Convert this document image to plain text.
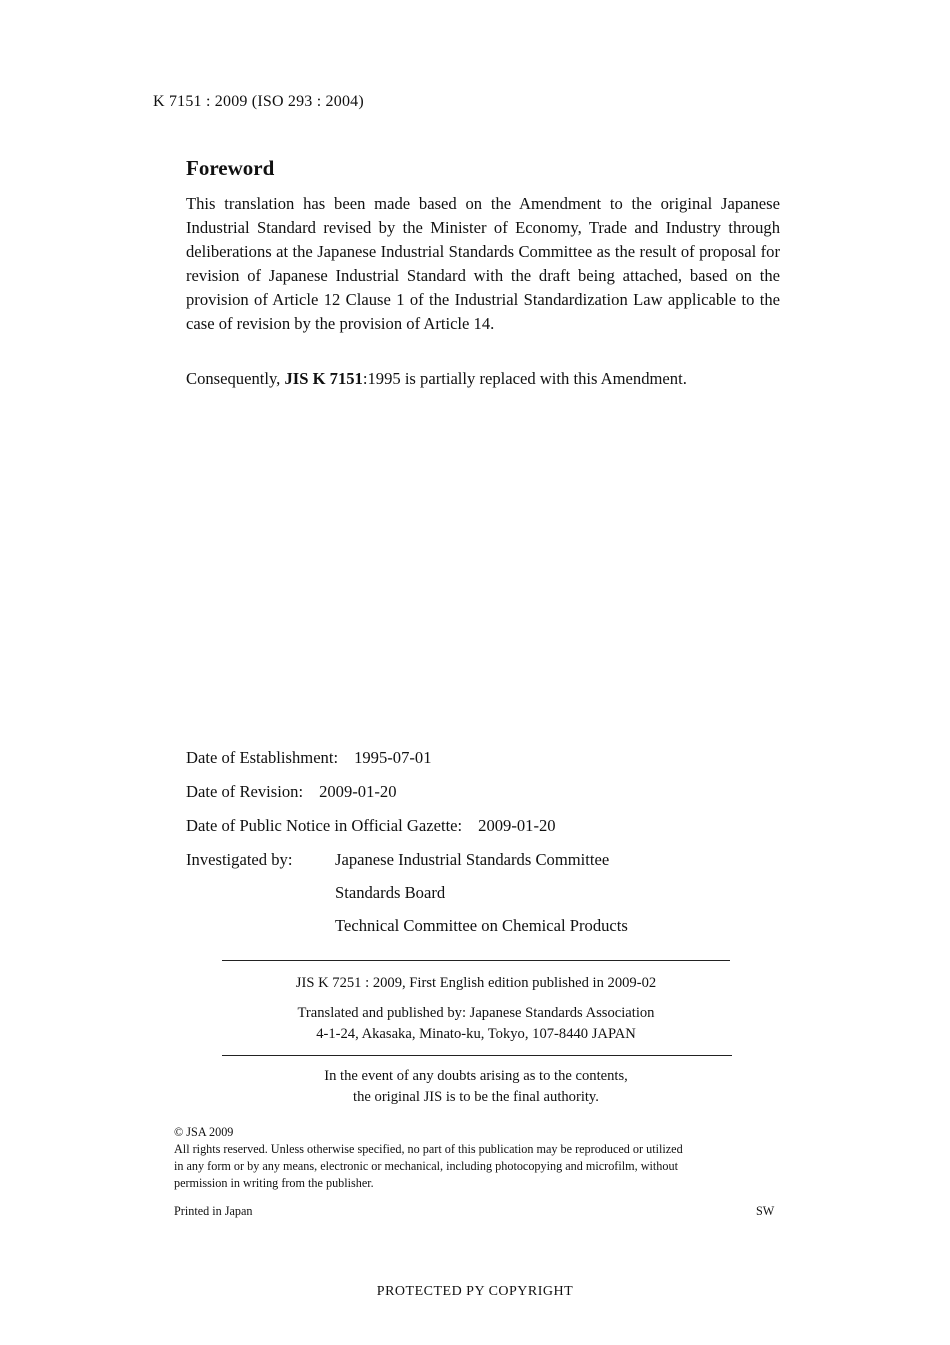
K 7151 : 2009 (ISO 293 : 2004)
Foreword

This translation has been made based on the Amendment to the original Japanese Industrial Standard revised by the Minister of Economy, Trade and Industry through deliberations at the Japanese Industrial Standards Committee as the result of proposal for revision of Japanese Industrial Standard with the draft being attached, based on the provision of Article 12 Clause 1 of the Industrial Standardization Law applicable to the case of revision by the provision of Article 14.

Consequently, JIS K 7151:1995 is partially replaced with this Amendment.

Date of Establishment: 1995-07-01
Date of Revision: 2009-01-20
Date of Public Notice in Official Gazette: 2009-01-20
Investigated by:	Japanese Industrial Standards Committee
Standards Board
Technical Committee on Chemical Products
JIS K 7251 : 2009, First English edition published in 2009-02
Translated and published by: Japanese Standards Association
4-1-24, Akasaka, Minato-ku, Tokyo, 107-8440 JAPAN
In the event of any doubts arising as to the contents,
the original JIS is to be the final authority.
© JSA 2009
All rights reserved. Unless otherwise specified, no part of this publication may be reproduced or utilized
in any form or by any means, electronic or mechanical, including photocopying and microfilm, without
permission in writing from the publisher.
Printed in Japan	SW
PROTECTED PY COPYRIGHT
